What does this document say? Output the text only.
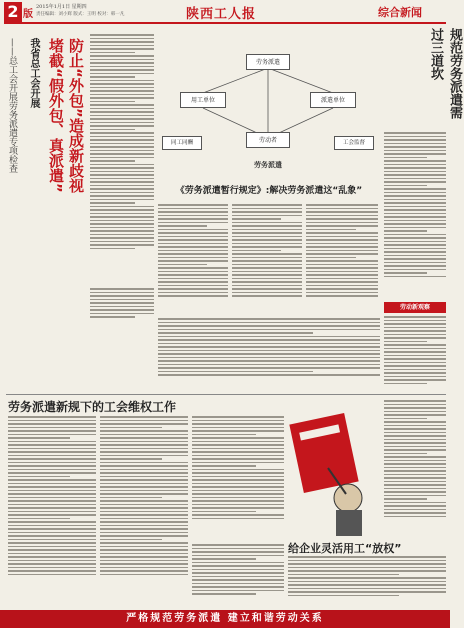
2 版
2015年1月1日 星期四
责任编辑：刘小辉 版式：王明 校对：韩一凡	陕西工人报	综合新闻
——总工会开展劳务派遣专项检查 堵截“假外包、真派遣” 防止“外包”造成新歧视
我省总工会开展	劳务派遣
用工单位	派遣单位
劳动者
同工同酬	工会监督
劳务派遣
规范劳务派遣需过三道坎
《劳务派遣暂行规定》:解决劳务派遣这“乱象”
劳动新观察
劳务派遣新规下的工会维权工作
给企业灵活用工“放权”
严格规范劳务派遣 建立和谐劳动关系
